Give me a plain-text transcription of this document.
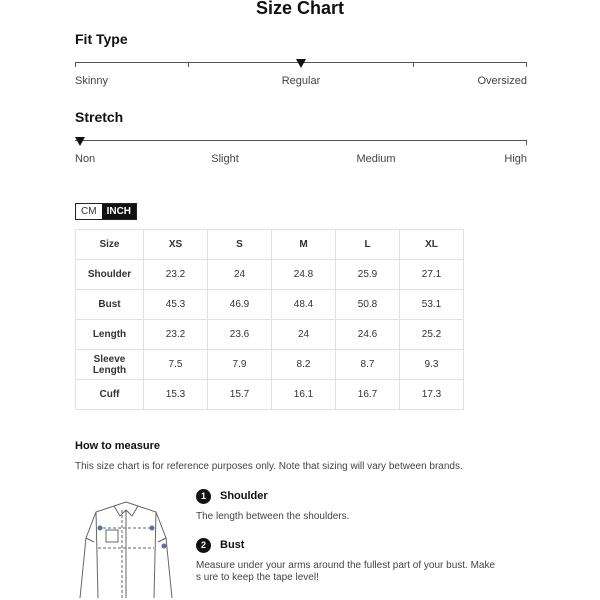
Size Chart
Fit Type
Skinny	Regular	Oversized
Stretch
Non	Slight	Medium	High
CM	INCH
Size	XS	S	M	L	XL
Shoulder	23.2	24	24.8	25.9	27.1
Bust	45.3	46.9	48.4	50.8	53.1
Length	23.2	23.6	24	24.6	25.2
Sleeve Length	7.5	7.9	8.2	8.7	9.3
Cuff	15.3	15.7	16.1	16.7	17.3
How to measure
This size chart is for reference purposes only. Note that sizing will vary between brands.
1	Shoulder
The length between the shoulders.
2	Bust
Measure under your arms around the fullest part of your bust. Make s ure to keep the tape level!
